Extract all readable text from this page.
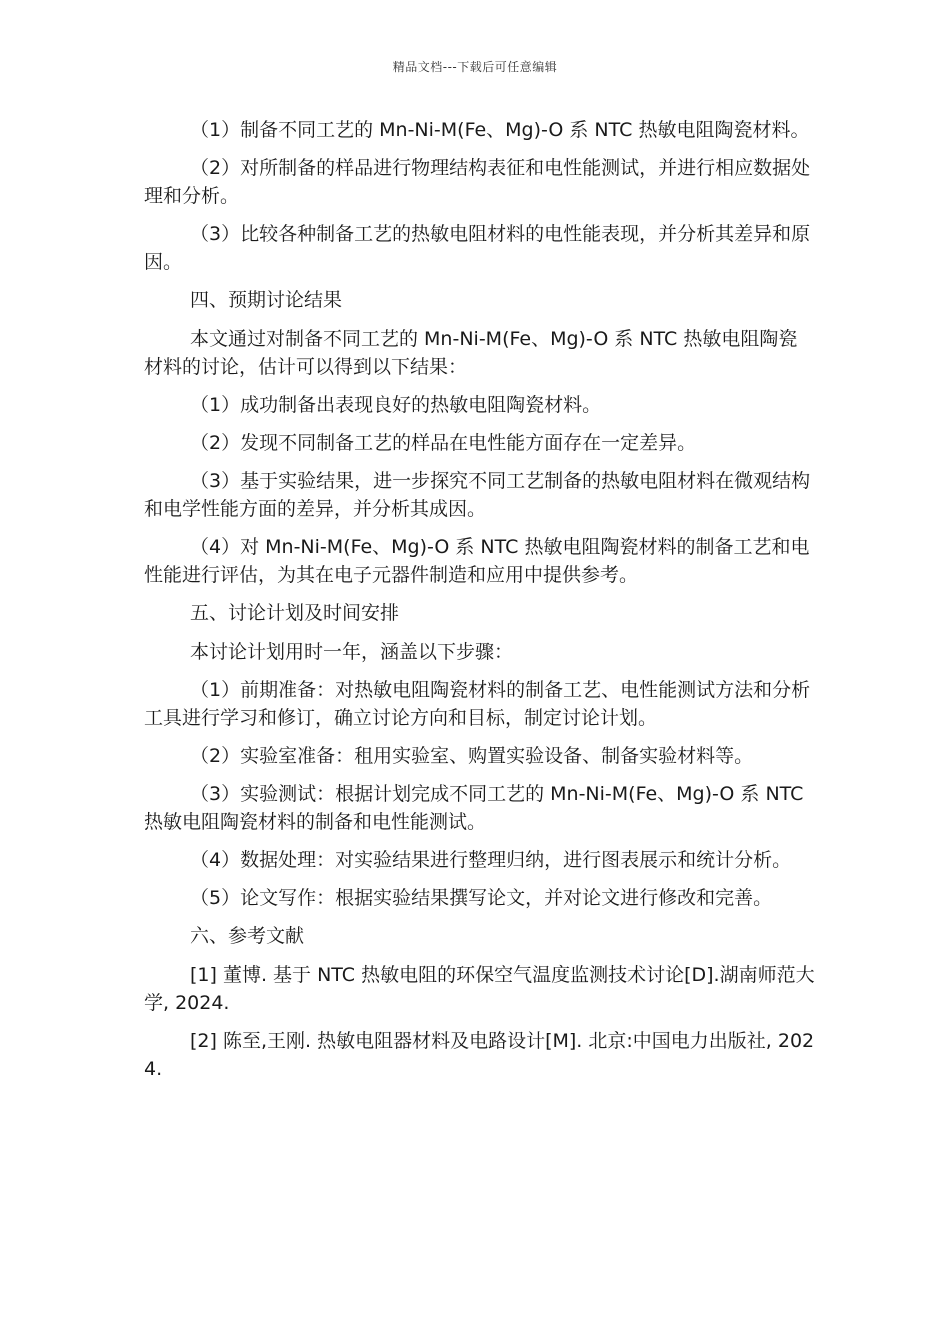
精品文档---下载后可任意编辑

（1）制备不同工艺的 Mn-Ni-M(Fe、Mg)-O 系 NTC 热敏电阻陶瓷材料。

（2）对所制备的样品进行物理结构表征和电性能测试，并进行相应数据处理和分析。

（3）比较各种制备工艺的热敏电阻材料的电性能表现，并分析其差异和原因。

四、预期讨论结果

本文通过对制备不同工艺的 Mn-Ni-M(Fe、Mg)-O 系 NTC 热敏电阻陶瓷材料的讨论，估计可以得到以下结果：

（1）成功制备出表现良好的热敏电阻陶瓷材料。

（2）发现不同制备工艺的样品在电性能方面存在一定差异。

（3）基于实验结果，进一步探究不同工艺制备的热敏电阻材料在微观结构和电学性能方面的差异，并分析其成因。

（4）对 Mn-Ni-M(Fe、Mg)-O 系 NTC 热敏电阻陶瓷材料的制备工艺和电性能进行评估，为其在电子元器件制造和应用中提供参考。

五、讨论计划及时间安排

本讨论计划用时一年，涵盖以下步骤：

（1）前期准备：对热敏电阻陶瓷材料的制备工艺、电性能测试方法和分析工具进行学习和修订，确立讨论方向和目标，制定讨论计划。

（2）实验室准备：租用实验室、购置实验设备、制备实验材料等。

（3）实验测试：根据计划完成不同工艺的 Mn-Ni-M(Fe、Mg)-O 系 NTC 热敏电阻陶瓷材料的制备和电性能测试。

（4）数据处理：对实验结果进行整理归纳，进行图表展示和统计分析。

（5）论文写作：根据实验结果撰写论文，并对论文进行修改和完善。

六、参考文献

[1] 董博. 基于 NTC 热敏电阻的环保空气温度监测技术讨论[D].湖南师范大学, 2024.

[2] 陈至,王刚. 热敏电阻器材料及电路设计[M]. 北京:中国电力出版社, 2024.
